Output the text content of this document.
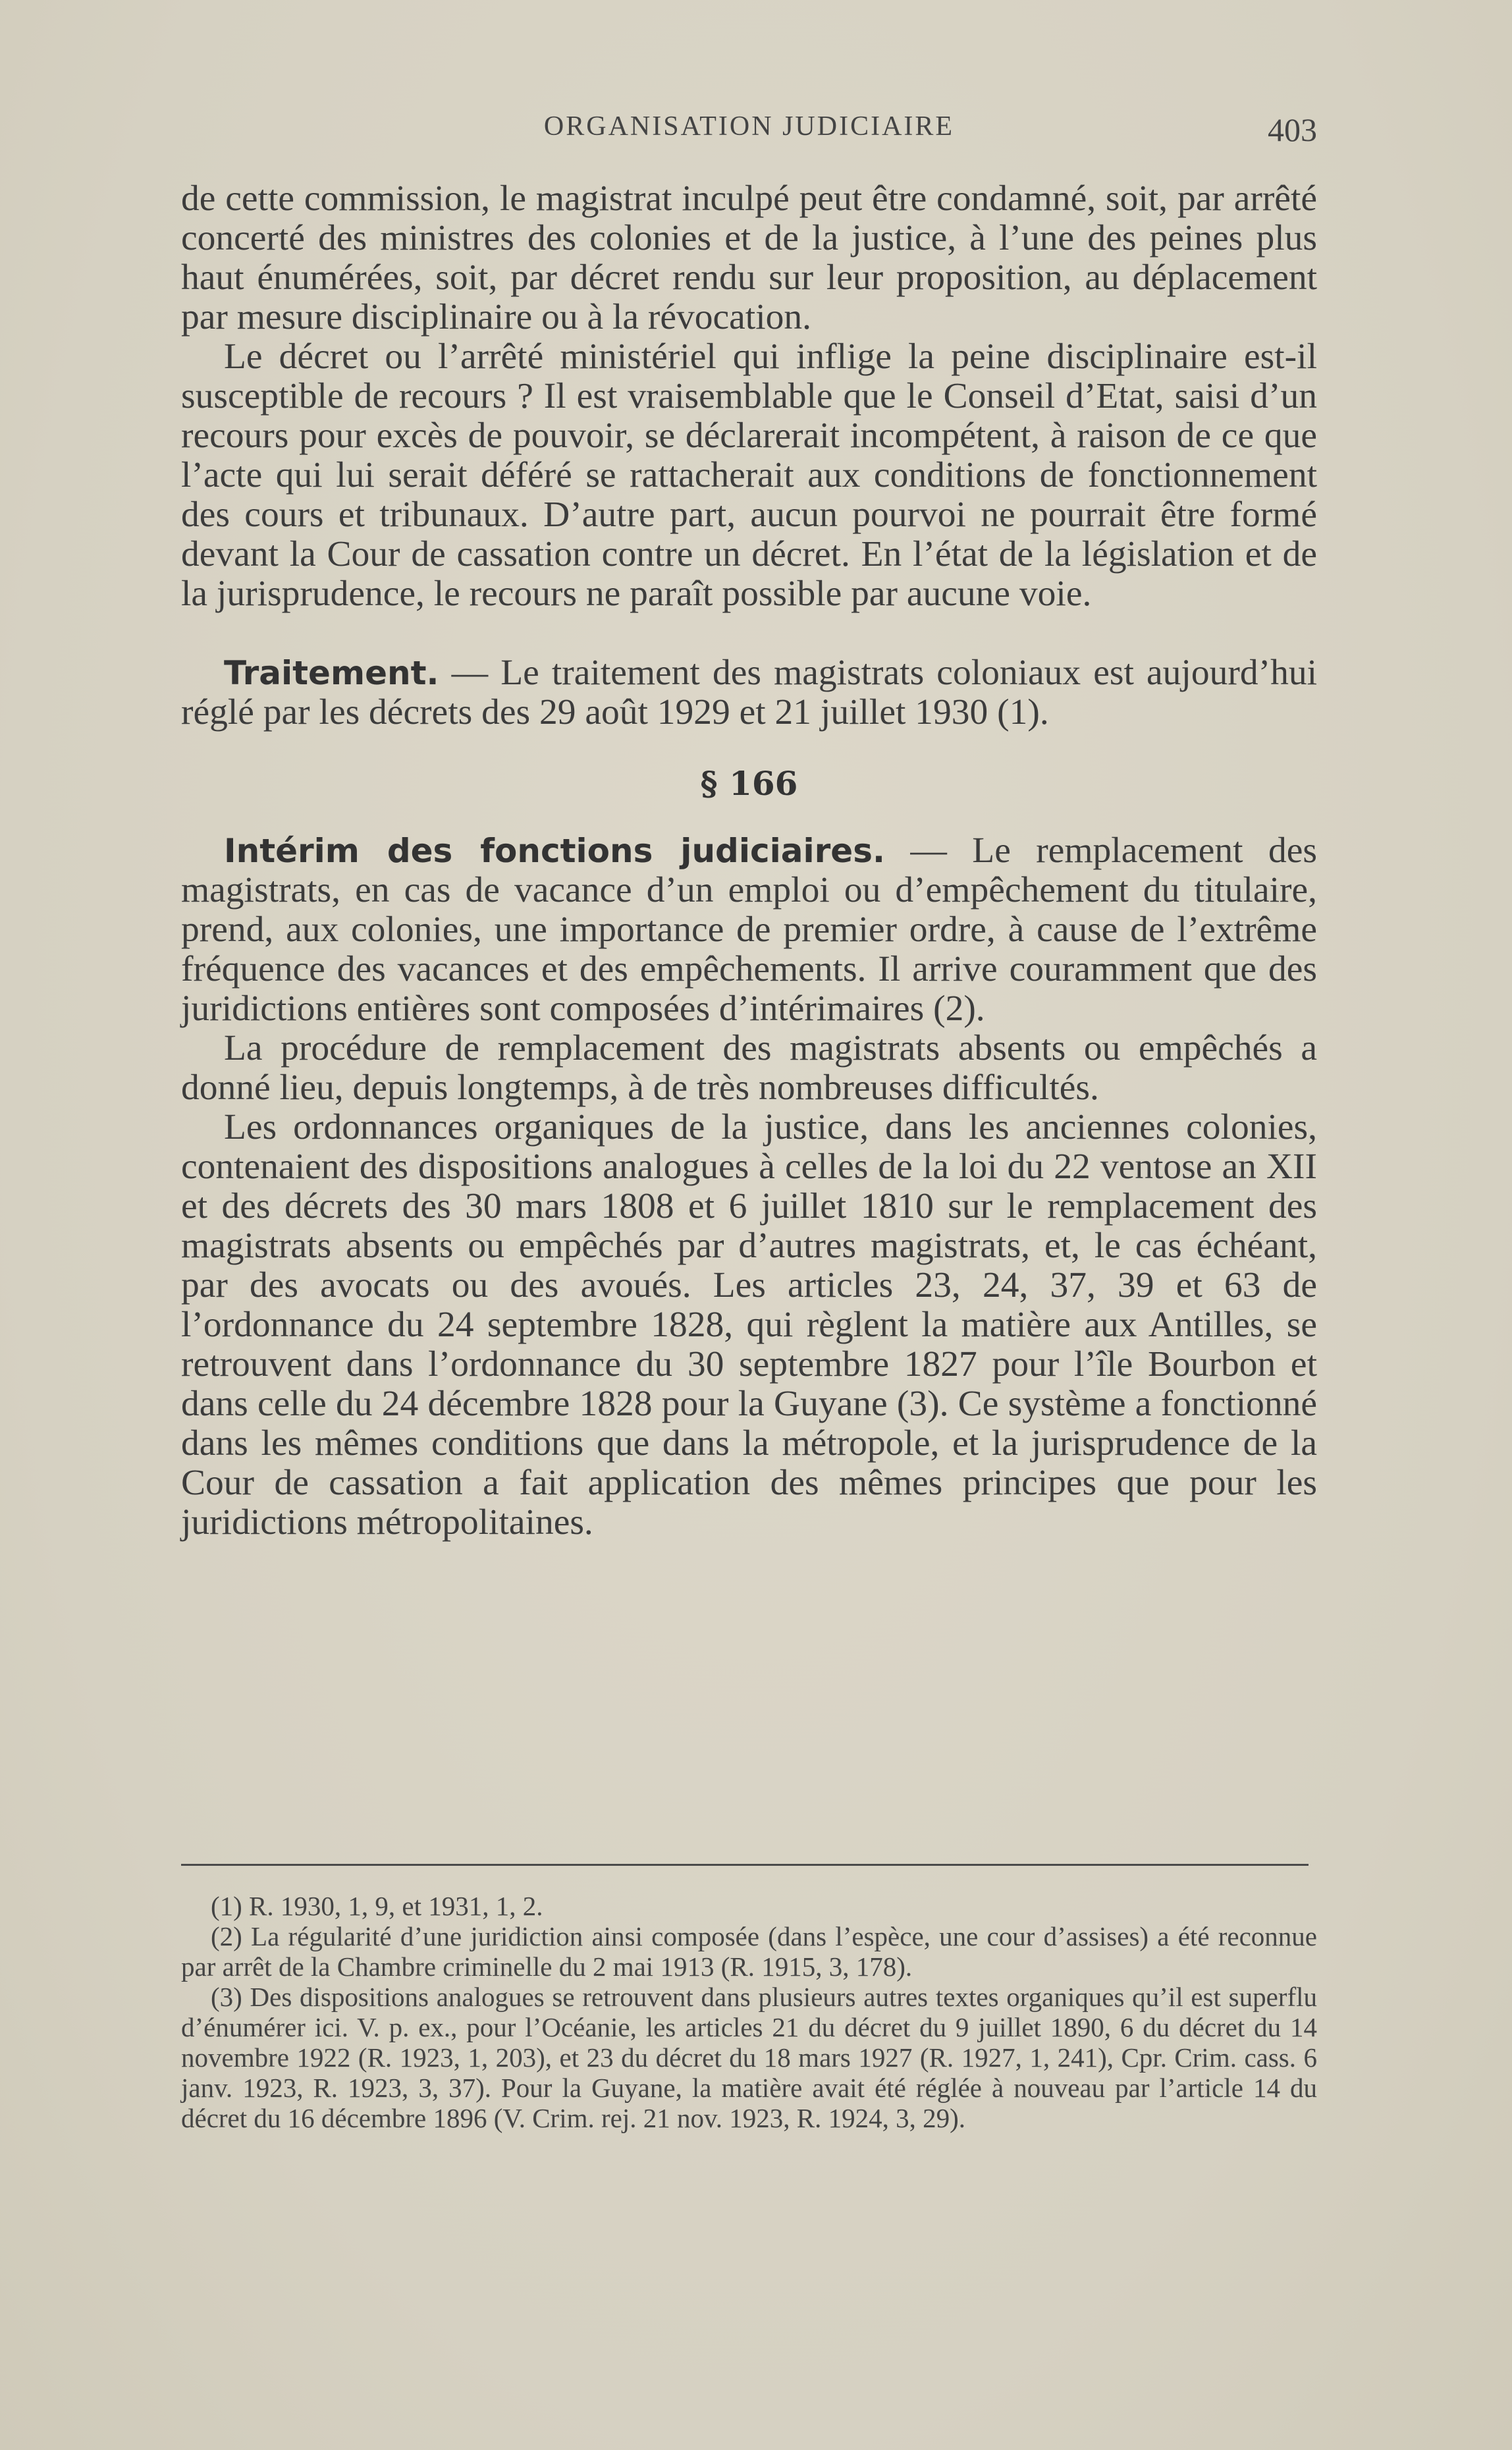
ORGANISATION JUDICIAIRE	403

de cette commission, le magistrat inculpé peut être condamné, soit, par arrêté concerté des ministres des colonies et de la justice, à l’une des peines plus haut énumérées, soit, par décret rendu sur leur proposition, au déplacement par mesure disciplinaire ou à la révocation.

Le décret ou l’arrêté ministériel qui inflige la peine disciplinaire est-il susceptible de recours ? Il est vraisemblable que le Conseil d’Etat, saisi d’un recours pour excès de pouvoir, se déclarerait incompétent, à raison de ce que l’acte qui lui serait déféré se rattacherait aux conditions de fonctionnement des cours et tribunaux. D’autre part, aucun pourvoi ne pourrait être formé devant la Cour de cassation contre un décret. En l’état de la législation et de la jurisprudence, le recours ne paraît possible par aucune voie.

Traitement. — Le traitement des magistrats coloniaux est aujourd’hui réglé par les décrets des 29 août 1929 et 21 juillet 1930 (1).

§ 166

Intérim des fonctions judiciaires. — Le remplacement des magistrats, en cas de vacance d’un emploi ou d’empêchement du titulaire, prend, aux colonies, une importance de premier ordre, à cause de l’extrême fréquence des vacances et des empêchements. Il arrive couramment que des juridictions entières sont composées d’intérimaires (2).

La procédure de remplacement des magistrats absents ou empêchés a donné lieu, depuis longtemps, à de très nombreuses difficultés.

Les ordonnances organiques de la justice, dans les anciennes colonies, contenaient des dispositions analogues à celles de la loi du 22 ventose an XII et des décrets des 30 mars 1808 et 6 juillet 1810 sur le remplacement des magistrats absents ou empêchés par d’autres magistrats, et, le cas échéant, par des avocats ou des avoués. Les articles 23, 24, 37, 39 et 63 de l’ordonnance du 24 septembre 1828, qui règlent la matière aux Antilles, se retrouvent dans l’ordonnance du 30 septembre 1827 pour l’île Bourbon et dans celle du 24 décembre 1828 pour la Guyane (3). Ce système a fonctionné dans les mêmes conditions que dans la métropole, et la jurisprudence de la Cour de cassation a fait application des mêmes principes que pour les juridictions métropolitaines.

(1) R. 1930, 1, 9, et 1931, 1, 2.

(2) La régularité d’une juridiction ainsi composée (dans l’espèce, une cour d’assises) a été reconnue par arrêt de la Chambre criminelle du 2 mai 1913 (R. 1915, 3, 178).

(3) Des dispositions analogues se retrouvent dans plusieurs autres textes organiques qu’il est superflu d’énumérer ici. V. p. ex., pour l’Océanie, les articles 21 du décret du 9 juillet 1890, 6 du décret du 14 novembre 1922 (R. 1923, 1, 203), et 23 du décret du 18 mars 1927 (R. 1927, 1, 241), Cpr. Crim. cass. 6 janv. 1923, R. 1923, 3, 37). Pour la Guyane, la matière avait été réglée à nouveau par l’article 14 du décret du 16 décembre 1896 (V. Crim. rej. 21 nov. 1923, R. 1924, 3, 29).
